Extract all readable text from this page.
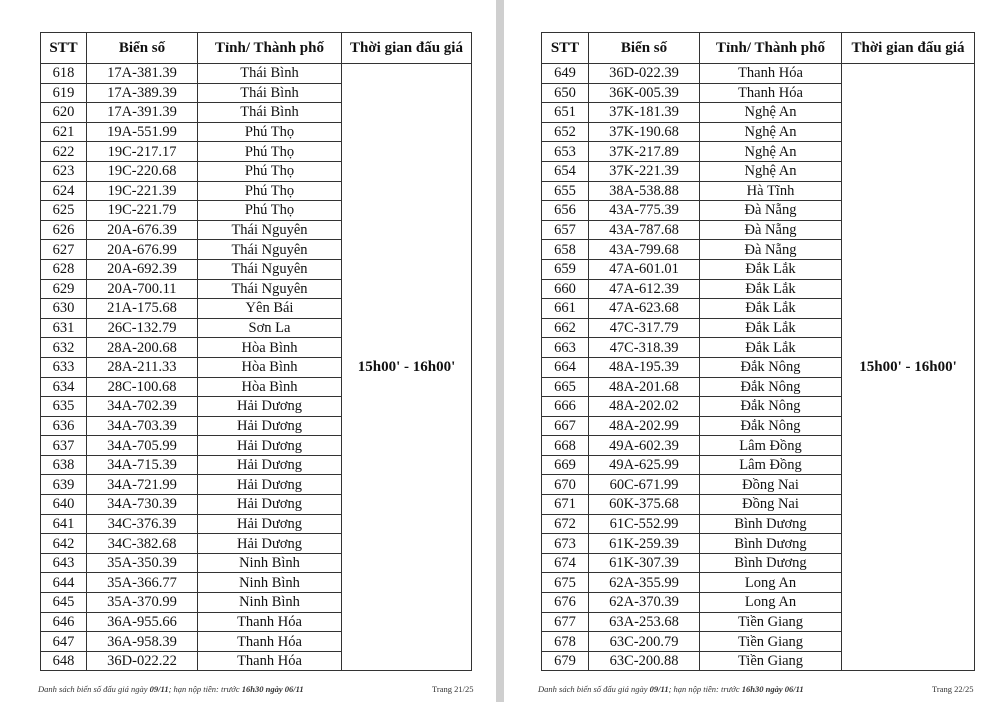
STT	Biển số	Tỉnh/ Thành phố	Thời gian đấu giá
618	17A-381.39	Thái Bình	15h00' - 16h00'
619	17A-389.39	Thái Bình	
620	17A-391.39	Thái Bình	
621	19A-551.99	Phú Thọ	
622	19C-217.17	Phú Thọ	
623	19C-220.68	Phú Thọ	
624	19C-221.39	Phú Thọ	
625	19C-221.79	Phú Thọ	
626	20A-676.39	Thái Nguyên	
627	20A-676.99	Thái Nguyên	
628	20A-692.39	Thái Nguyên	
629	20A-700.11	Thái Nguyên	
630	21A-175.68	Yên Bái	
631	26C-132.79	Sơn La	
632	28A-200.68	Hòa Bình	
633	28A-211.33	Hòa Bình	
634	28C-100.68	Hòa Bình	
635	34A-702.39	Hải Dương	
636	34A-703.39	Hải Dương	
637	34A-705.99	Hải Dương	
638	34A-715.39	Hải Dương	
639	34A-721.99	Hải Dương	
640	34A-730.39	Hải Dương	
641	34C-376.39	Hải Dương	
642	34C-382.68	Hải Dương	
643	35A-350.39	Ninh Bình	
644	35A-366.77	Ninh Bình	
645	35A-370.99	Ninh Bình	
646	36A-955.66	Thanh Hóa	
647	36A-958.39	Thanh Hóa	
648	36D-022.22	Thanh Hóa	
Danh sách biển số đấu giá ngày 09/11; hạn nộp tiền: trước 16h30 ngày 06/11	Trang 21/25
STT	Biển số	Tỉnh/ Thành phố	Thời gian đấu giá
649	36D-022.39	Thanh Hóa	15h00' - 16h00'
650	36K-005.39	Thanh Hóa	
651	37K-181.39	Nghệ An	
652	37K-190.68	Nghệ An	
653	37K-217.89	Nghệ An	
654	37K-221.39	Nghệ An	
655	38A-538.88	Hà Tĩnh	
656	43A-775.39	Đà Nẵng	
657	43A-787.68	Đà Nẵng	
658	43A-799.68	Đà Nẵng	
659	47A-601.01	Đắk Lắk	
660	47A-612.39	Đắk Lắk	
661	47A-623.68	Đắk Lắk	
662	47C-317.79	Đắk Lắk	
663	47C-318.39	Đắk Lắk	
664	48A-195.39	Đắk Nông	
665	48A-201.68	Đắk Nông	
666	48A-202.02	Đắk Nông	
667	48A-202.99	Đắk Nông	
668	49A-602.39	Lâm Đồng	
669	49A-625.99	Lâm Đồng	
670	60C-671.99	Đồng Nai	
671	60K-375.68	Đồng Nai	
672	61C-552.99	Bình Dương	
673	61K-259.39	Bình Dương	
674	61K-307.39	Bình Dương	
675	62A-355.99	Long An	
676	62A-370.39	Long An	
677	63A-253.68	Tiền Giang	
678	63C-200.79	Tiền Giang	
679	63C-200.88	Tiền Giang	
Danh sách biển số đấu giá ngày 09/11; hạn nộp tiền: trước 16h30 ngày 06/11	Trang 22/25
